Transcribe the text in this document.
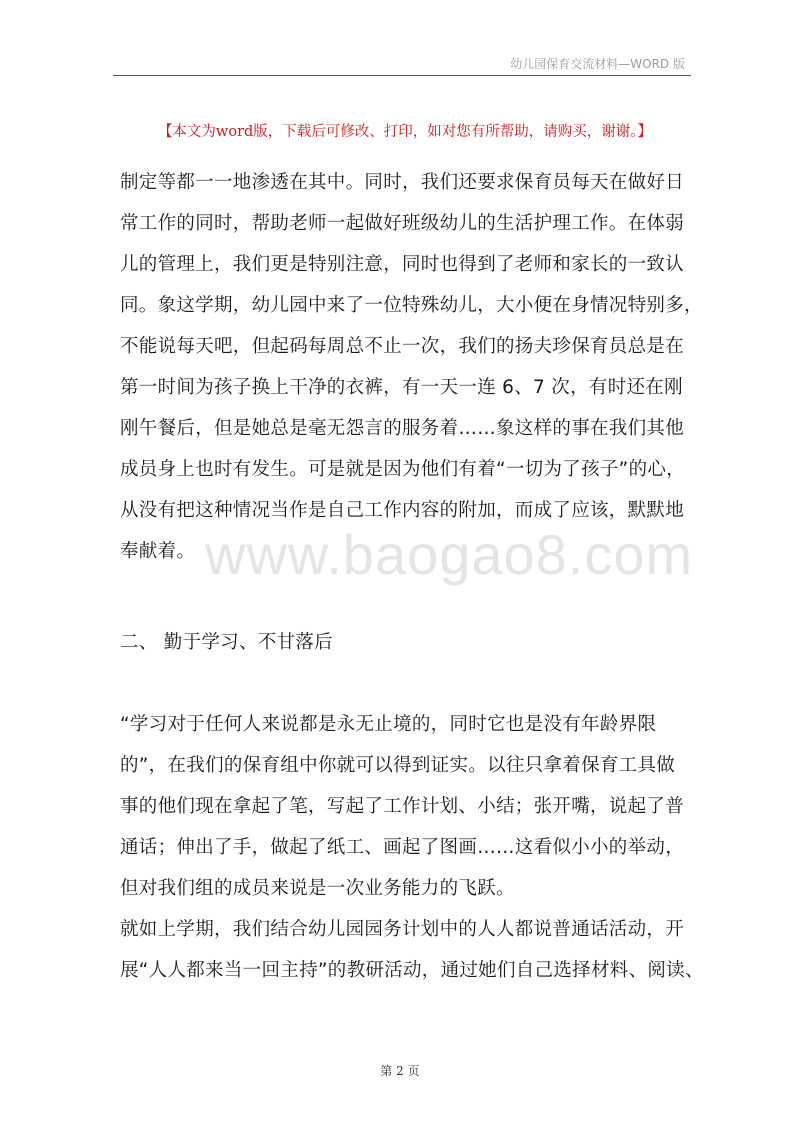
幼儿园保育交流材料—WORD 版
【本文为word版，下载后可修改、打印，如对您有所帮助，请购买，谢谢。】
www.baogao8.com
制定等都一一地渗透在其中。同时，我们还要求保育员每天在做好日
常工作的同时，帮助老师一起做好班级幼儿的生活护理工作。在体弱
儿的管理上，我们更是特别注意，同时也得到了老师和家长的一致认
同。象这学期，幼儿园中来了一位特殊幼儿，大小便在身情况特别多，
不能说每天吧，但起码每周总不止一次，我们的扬夫珍保育员总是在
第一时间为孩子换上干净的衣裤，有一天一连 6、7 次，有时还在刚
刚午餐后，但是她总是毫无怨言的服务着……象这样的事在我们其他
成员身上也时有发生。可是就是因为他们有着“一切为了孩子”的心，
从没有把这种情况当作是自己工作内容的附加，而成了应该，默默地
奉献着。
二、 勤于学习、不甘落后
“学习对于任何人来说都是永无止境的，同时它也是没有年龄界限
的”，在我们的保育组中你就可以得到证实。以往只拿着保育工具做
事的他们现在拿起了笔，写起了工作计划、小结；张开嘴，说起了普
通话；伸出了手，做起了纸工、画起了图画……这看似小小的举动，
但对我们组的成员来说是一次业务能力的飞跃。
就如上学期，我们结合幼儿园园务计划中的人人都说普通话活动，开
展“人人都来当一回主持”的教研活动，通过她们自己选择材料、阅读、
第 2 页
